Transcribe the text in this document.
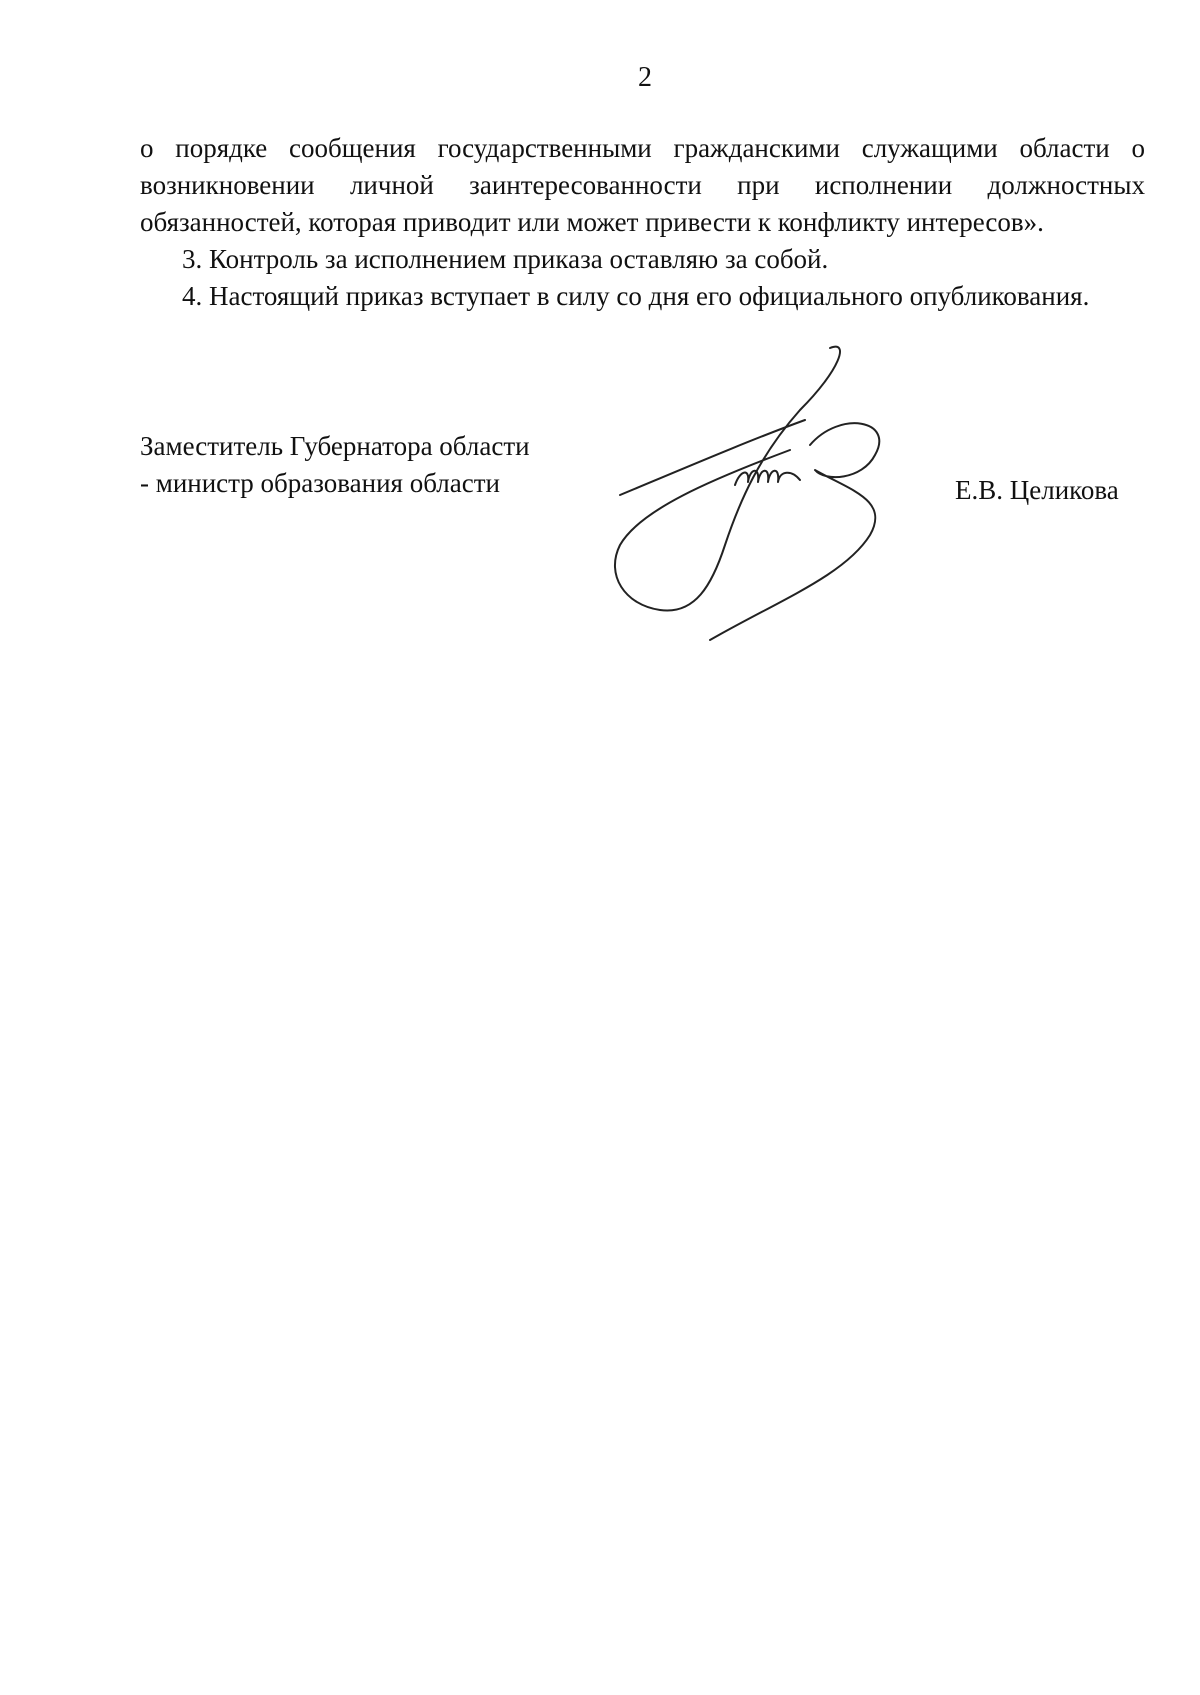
2

о порядке сообщения государственными гражданскими служащими области о возникновении личной заинтересованности при исполнении должностных обязанностей, которая приводит или может привести к конфликту интересов».

3. Контроль за исполнением приказа оставляю за собой.

4. Настоящий приказ вступает в силу со дня его официального опубликования.

Заместитель Губернатора области
- министр образования области	Е.В. Целикова
